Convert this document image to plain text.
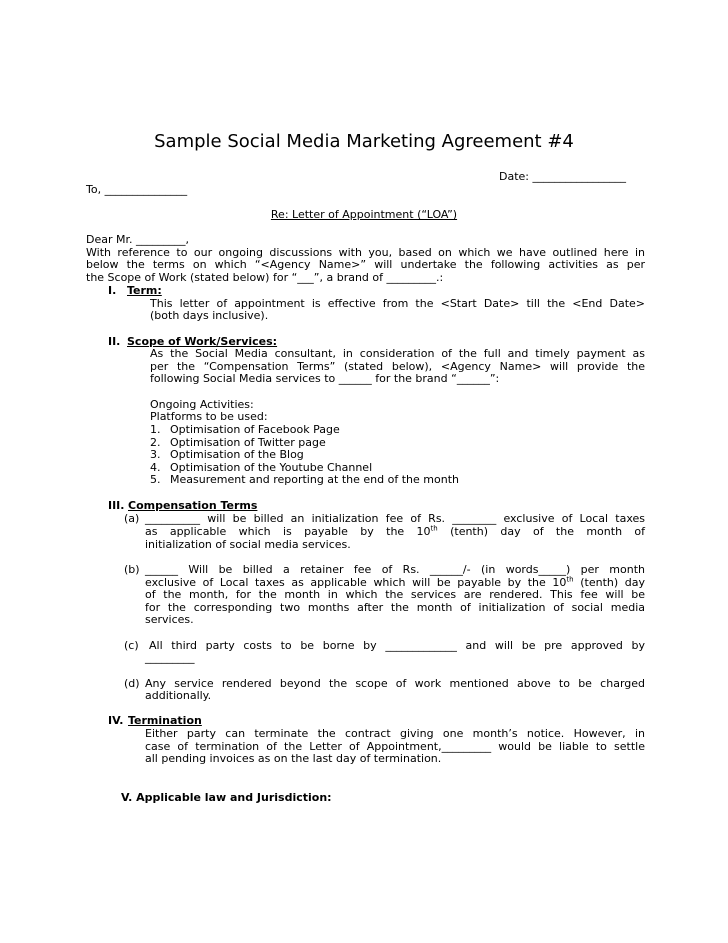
Sample Social Media Marketing Agreement #4
Date: _________________
To, _______________
Re: Letter of Appointment (“LOA”)
Dear Mr. _________,
With reference to our ongoing discussions with you, based on which we have outlined here in
below the terms on which “<Agency Name>” will undertake the following activities as per
the Scope of Work (stated below) for “___”, a brand of _________.:
I. Term:
This letter of appointment is effective from the <Start Date> till the <End Date>
(both days inclusive).
II. Scope of Work/Services:
As the Social Media consultant, in consideration of the full and timely payment as
per the “Compensation Terms” (stated below), <Agency Name> will provide the
following Social Media services to ______ for the brand “______”:
Ongoing Activities:
Platforms to be used:
1. Optimisation of Facebook Page
2. Optimisation of Twitter page
3. Optimisation of the Blog
4. Optimisation of the Youtube Channel
5. Measurement and reporting at the end of the month
III. Compensation Terms
(a) __________ will be billed an initialization fee of Rs. ________ exclusive of Local taxes
as applicable which is payable by the 10th (tenth) day of the month of
initialization of social media services.
(b) ______ Will be billed a retainer fee of Rs. ______/- (in words_____) per month
exclusive of Local taxes as applicable which will be payable by the 10th (tenth) day
of the month, for the month in which the services are rendered. This fee will be
for the corresponding two months after the month of initialization of social media
services.
(c) All third party costs to be borne by _____________ and will be pre approved by
_________
(d) Any service rendered beyond the scope of work mentioned above to be charged
additionally.
IV. Termination
Either party can terminate the contract giving one month’s notice. However, in
case of termination of the Letter of Appointment,_________ would be liable to settle
all pending invoices as on the last day of termination.
V. Applicable law and Jurisdiction:
